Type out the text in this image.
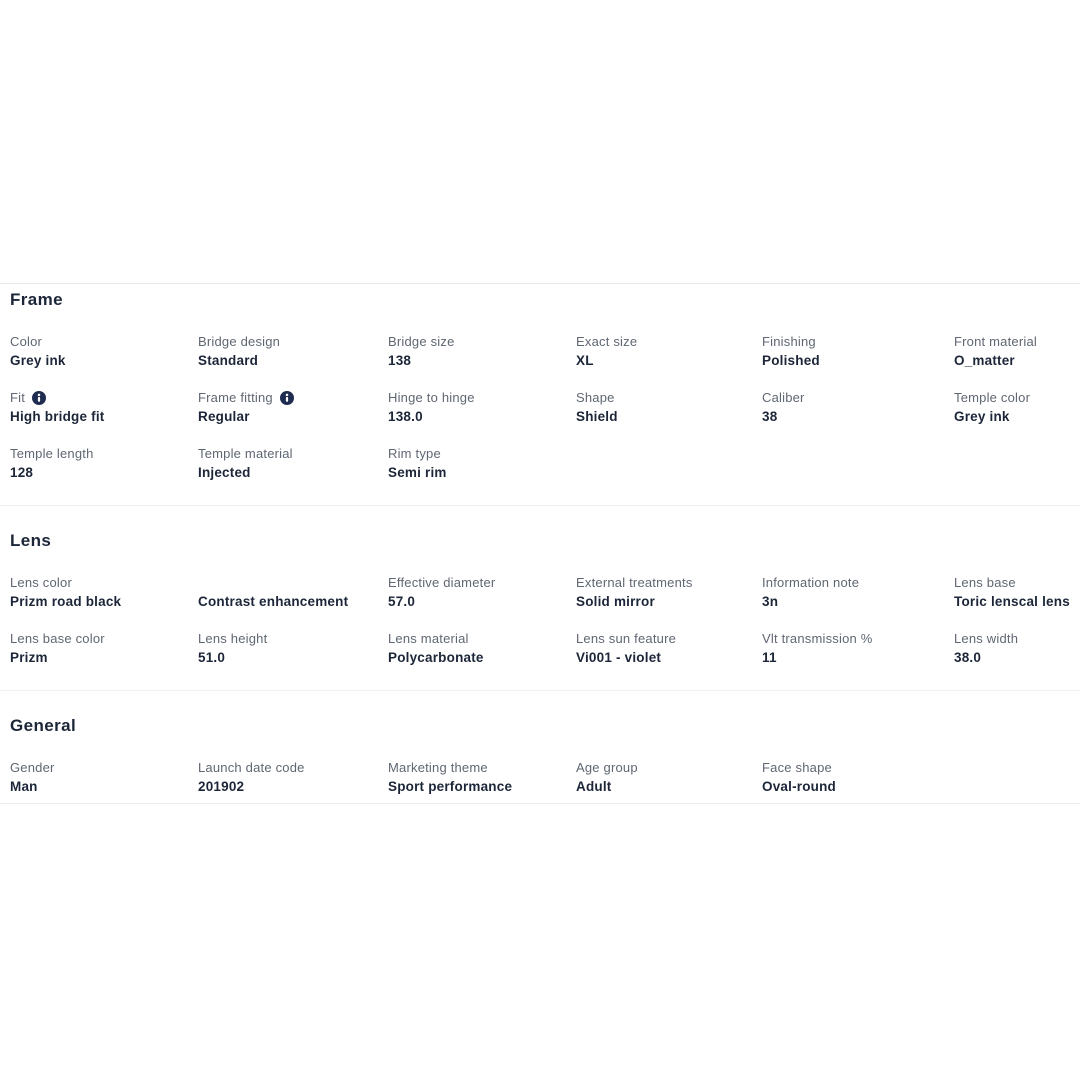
Frame
Color
Grey ink
Bridge design
Standard
Bridge size
138
Exact size
XL
Finishing
Polished
Front material
O_matter
Fit
High bridge fit
Frame fitting
Regular
Hinge to hinge
138.0
Shape
Shield
Caliber
38
Temple color
Grey ink
Temple length
128
Temple material
Injected
Rim type
Semi rim
Lens
Lens color
Prizm road black	Contrast enhancement
Effective diameter
57.0
External treatments
Solid mirror
Information note
3n
Lens base
Toric lenscal lens
Lens base color
Prizm
Lens height
51.0
Lens material
Polycarbonate
Lens sun feature
Vi001 - violet
Vlt transmission %
11
Lens width
38.0
General
Gender
Man
Launch date code
201902
Marketing theme
Sport performance
Age group
Adult
Face shape
Oval-round
